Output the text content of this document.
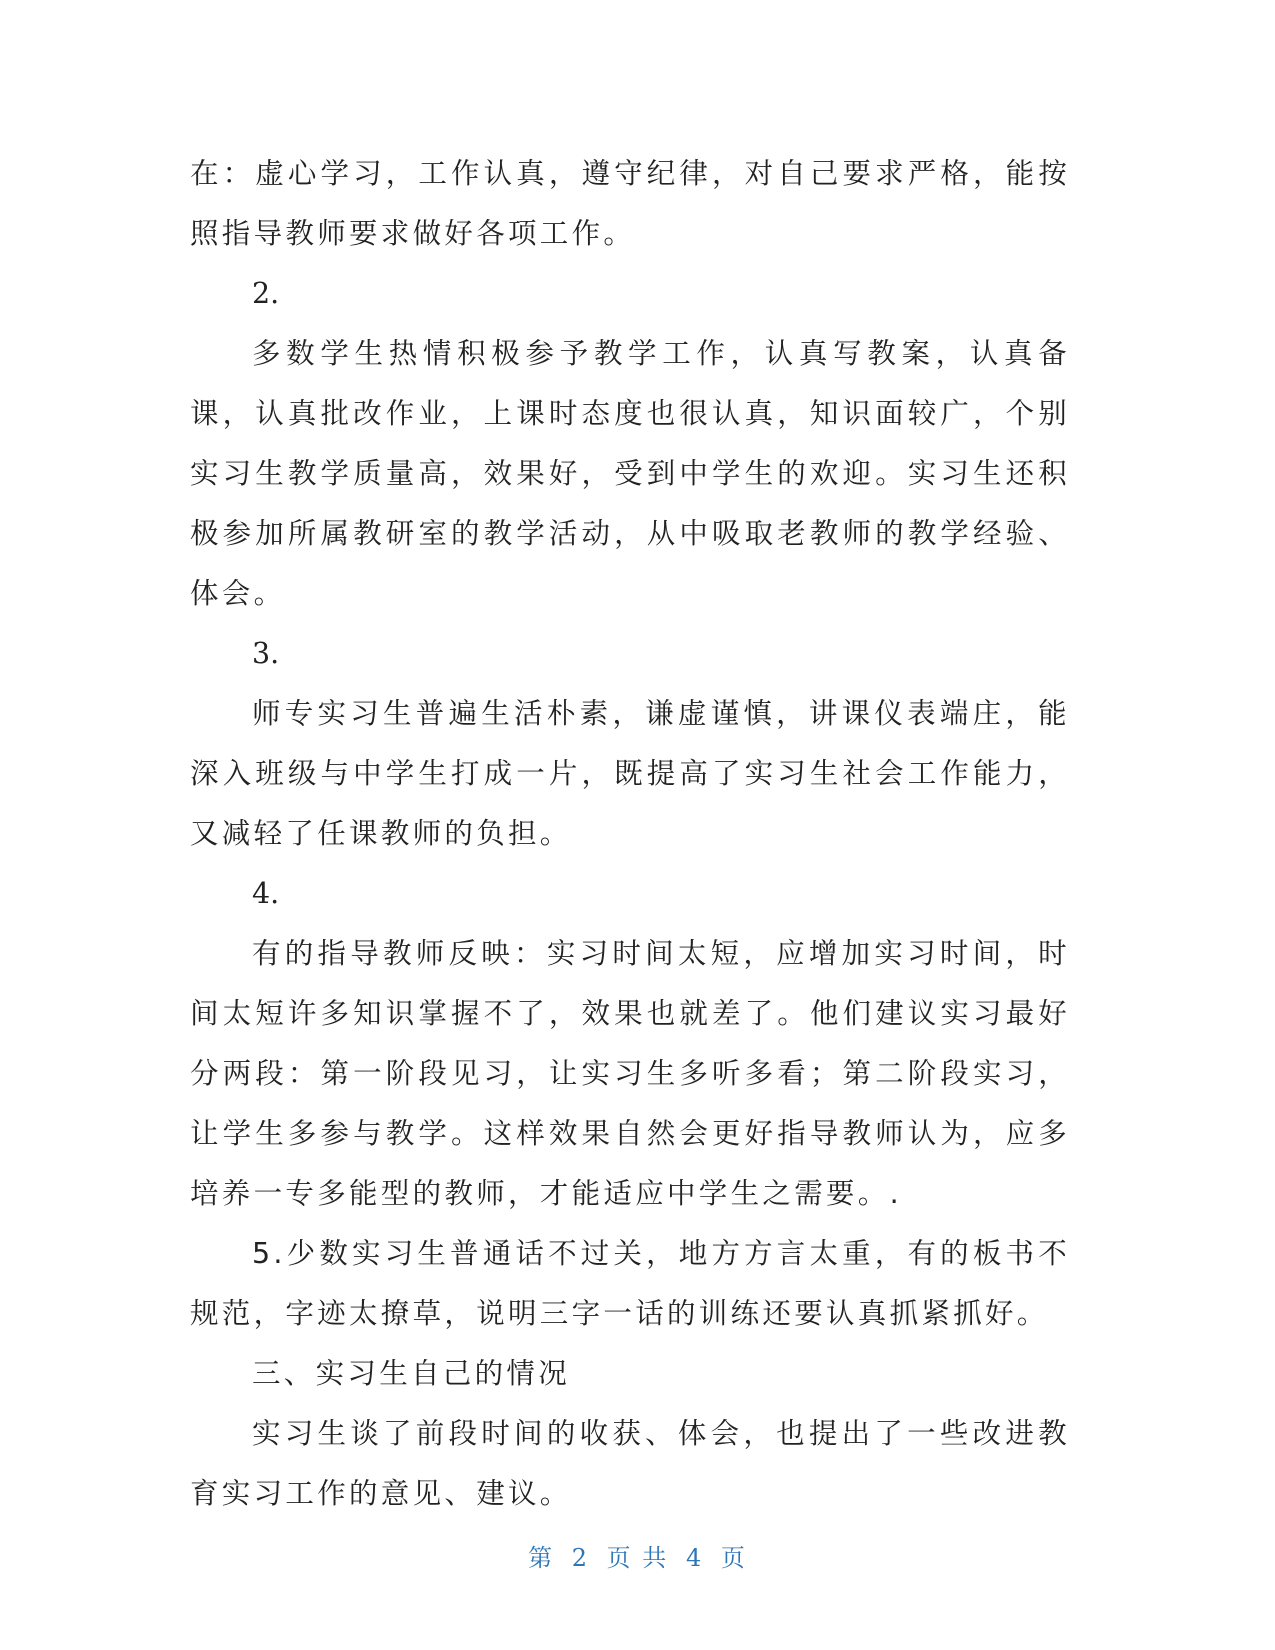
在：虚心学习，工作认真，遵守纪律，对自己要求严格，能按照指导教师要求做好各项工作。

2.

多数学生热情积极参予教学工作，认真写教案，认真备课，认真批改作业，上课时态度也很认真，知识面较广，个别实习生教学质量高，效果好，受到中学生的欢迎。实习生还积极参加所属教研室的教学活动，从中吸取老教师的教学经验、体会。

3.

师专实习生普遍生活朴素，谦虚谨慎，讲课仪表端庄，能深入班级与中学生打成一片，既提高了实习生社会工作能力，又减轻了任课教师的负担。

4.

有的指导教师反映：实习时间太短，应增加实习时间，时间太短许多知识掌握不了，效果也就差了。他们建议实习最好分两段：第一阶段见习，让实习生多听多看；第二阶段实习，让学生多参与教学。这样效果自然会更好指导教师认为，应多培养一专多能型的教师，才能适应中学生之需要。.

5.少数实习生普通话不过关，地方方言太重，有的板书不规范，字迹太撩草，说明三字一话的训练还要认真抓紧抓好。

三、实习生自己的情况

实习生谈了前段时间的收获、体会，也提出了一些改进教育实习工作的意见、建议。

第 2 页 共 4 页
